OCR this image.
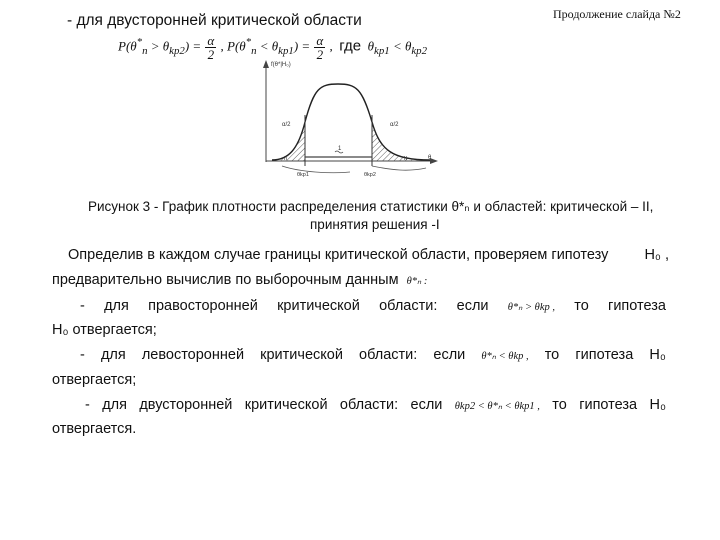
Продолжение слайда №2
- для двусторонней критической области
$P(\theta^*_n > \theta_{kp2}) = \frac{\alpha}{2}$ , $P(\theta^*_n < \theta_{kp1}) = \frac{\alpha}{2}$ ,  где $\theta_{kp1} < \theta_{kp2}$
f(θ*|H₀)
α/2	α/2
1
II	II	θ
θkp1	θkp2
Рисунок 3 - График плотности распределения статистики θ*ₙ и областей: критической – II,
принятия решения -I
Определив в каждом случае границы критической области, проверяем гипотезу H₀ ,
предварительно вычислив по выборочным данным θ*ₙ :
- для правосторонней критической области: если θ*ₙ > θkp , то гипотеза
H₀ отвергается;
- для левосторонней критической области: если θ*ₙ < θkp , то гипотеза H₀
отвергается;
- для двусторонней критической области: если θkp2 < θ*ₙ < θkp1 , то гипотеза H₀
отвергается.
